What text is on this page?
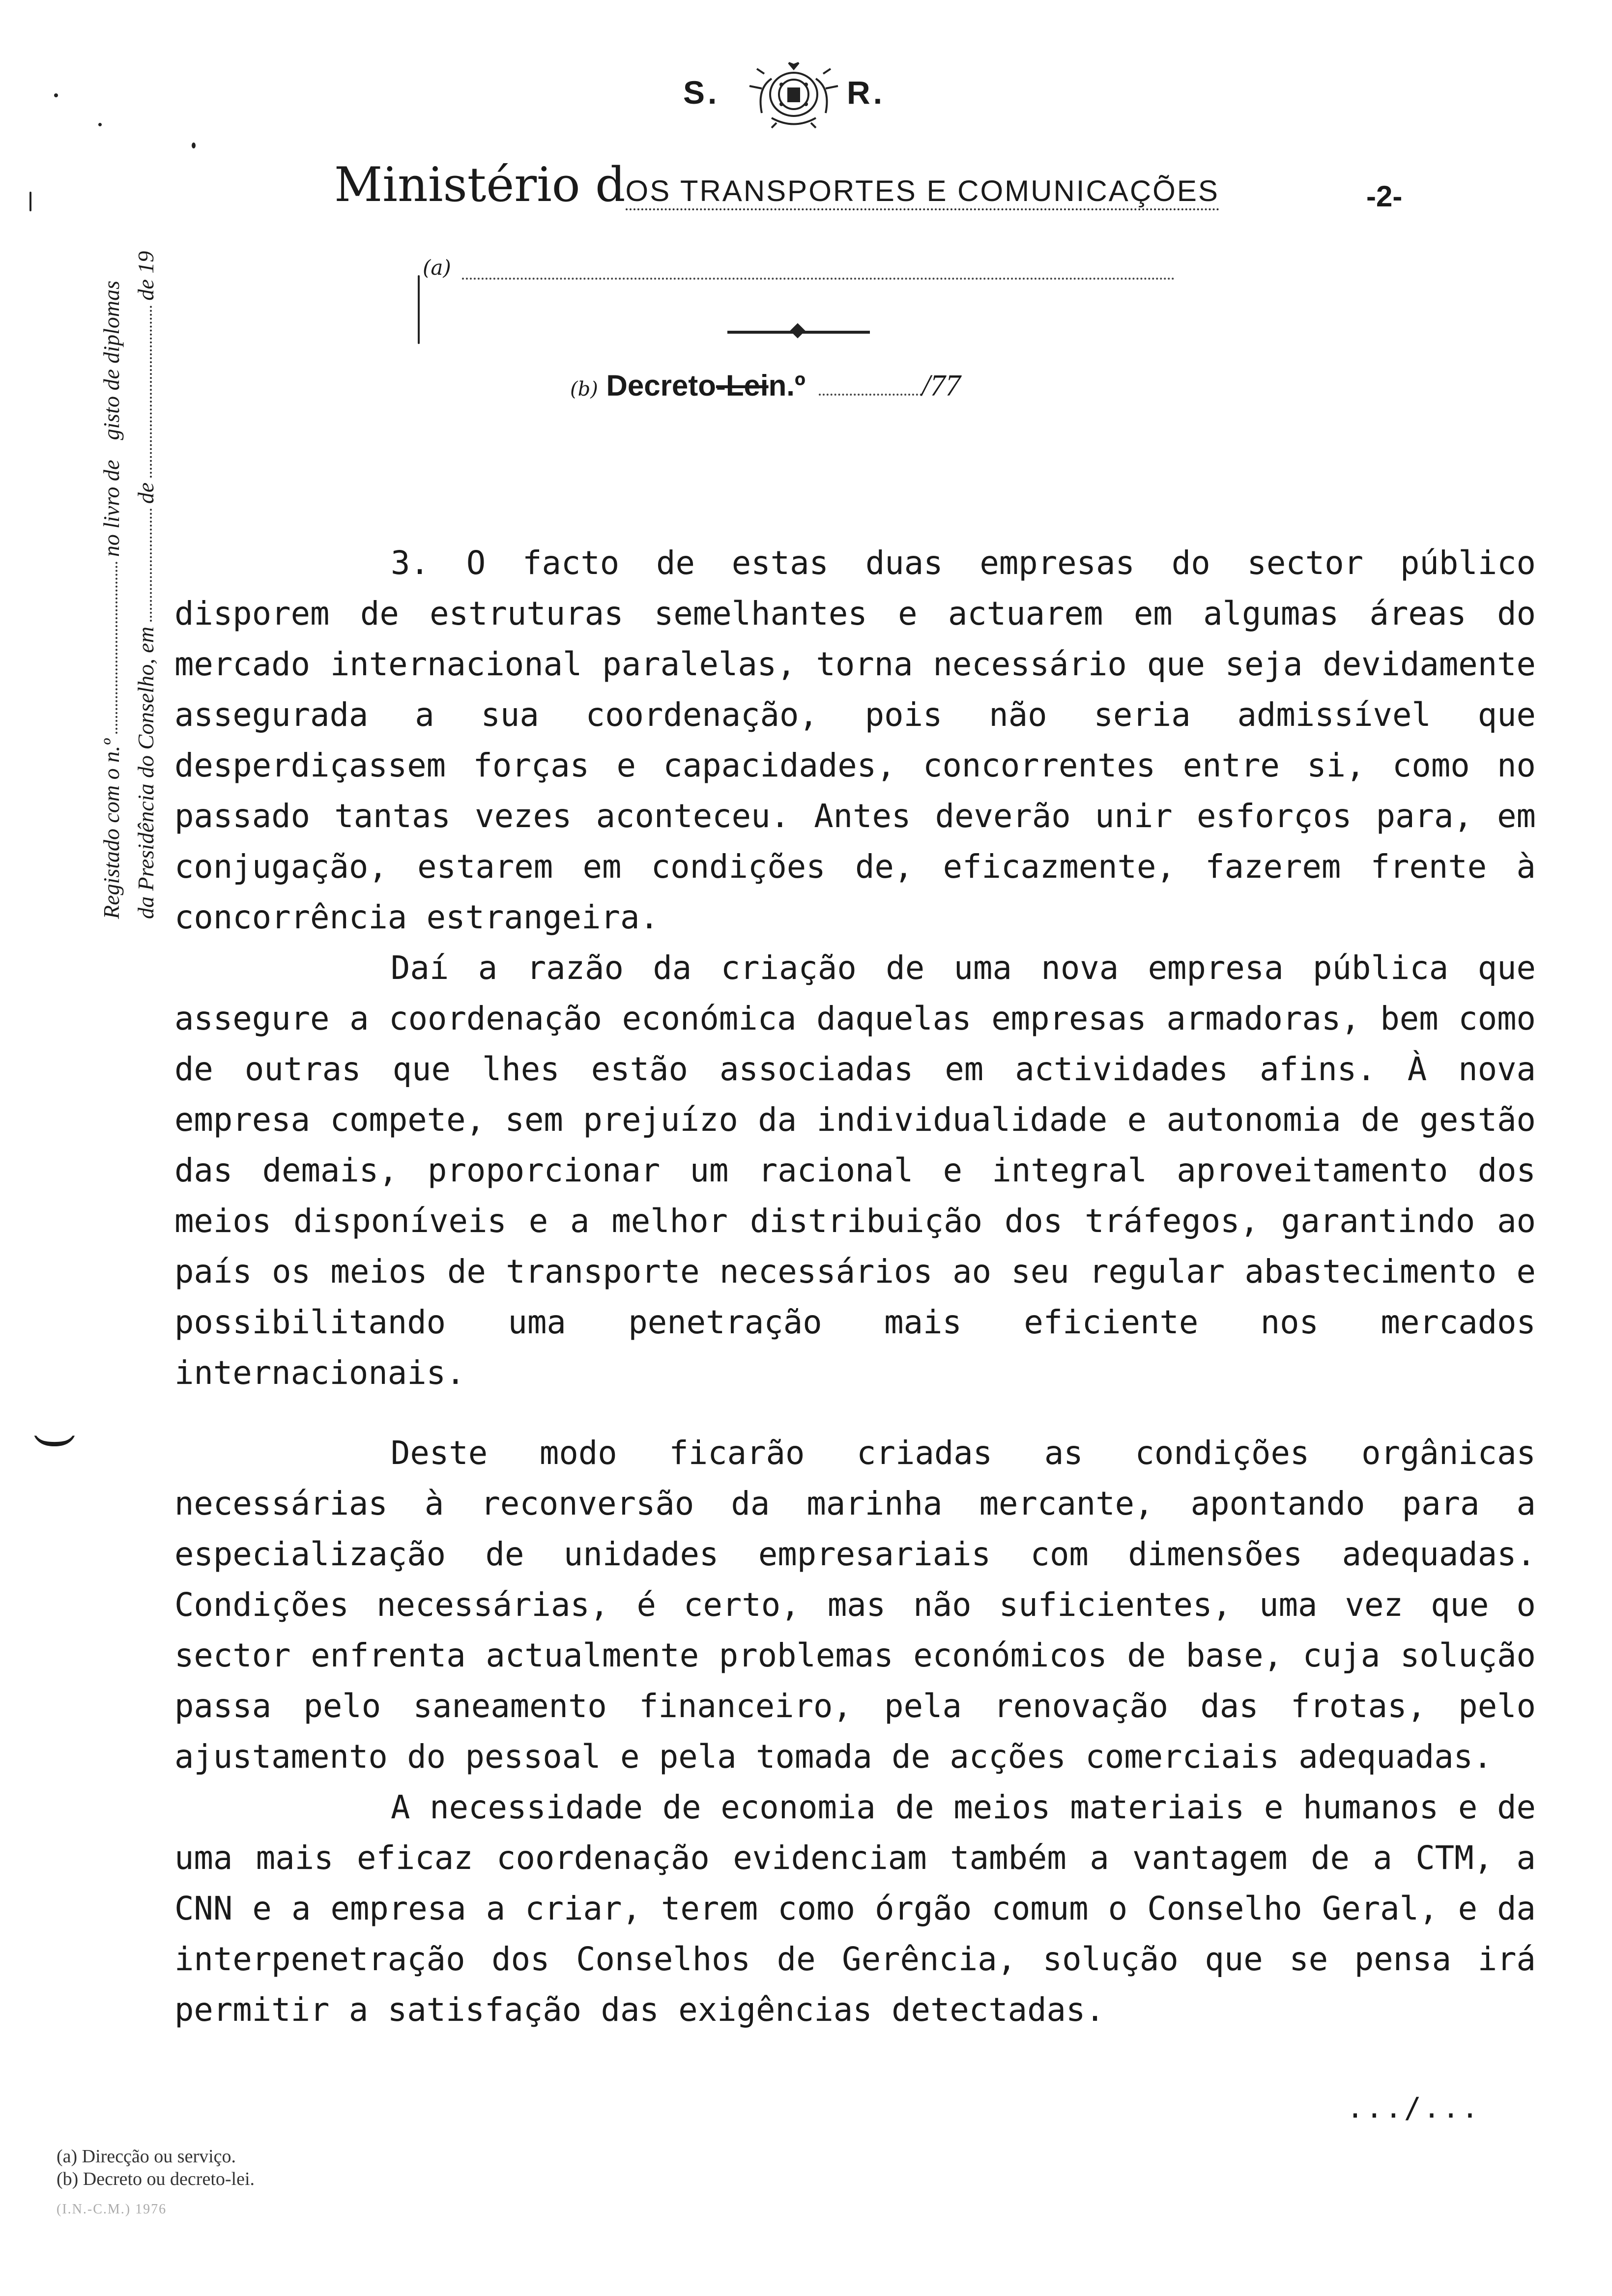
S.	R.
Ministério dOS TRANSPORTES E COMUNICAÇÕES	-2-
(a)
(b) Decreto-Lein.º	/77
(
Registado com o n.º
no livro de
gisto de diplomas
da Presidência do Conselho, em
de
de 19

3. O facto de estas duas empresas do sector público disporem de estruturas semelhantes e actuarem em algumas áreas do mercado internacional paralelas, torna necessário que seja devidamente assegurada a sua coordenação, pois não seria admissível que desperdiçassem forças e capacidades, concorrentes entre si, como no passado tantas vezes aconteceu. Antes deverão unir esforços para, em conjugação, estarem em condições de, eficazmente, fazerem frente à concorrência estrangeira.

Daí a razão da criação de uma nova empresa pública que assegure a coordenação económica daquelas empresas armadoras, bem como de outras que lhes estão associadas em actividades afins. À nova empresa compete, sem prejuízo da individualidade e autonomia de gestão das demais, proporcionar um racional e integral aproveitamento dos meios disponíveis e a melhor distribuição dos tráfegos, garantindo ao país os meios de transporte necessários ao seu regular abastecimento e possibilitando uma penetração mais eficiente nos mercados internacionais.

Deste modo ficarão criadas as condições orgânicas necessárias à reconversão da marinha mercante, apontando para a especialização de unidades empresariais com dimensões adequadas. Condições necessárias, é certo, mas não suficientes, uma vez que o sector enfrenta actualmente problemas económicos de base, cuja solução passa pelo saneamento financeiro, pela renovação das frotas, pelo ajustamento do pessoal e pela tomada de acções comerciais adequadas.

A necessidade de economia de meios materiais e humanos e de uma mais eficaz coordenação evidenciam também a vantagem de a CTM, a CNN e a empresa a criar, terem como órgão comum o Conselho Geral, e da interpenetração dos Conselhos de Gerência, solução que se pensa irá permitir a satisfação das exigências detectadas.

.../...
(a) Direcção ou serviço.
(b) Decreto ou decreto-lei.
(I.N.-C.M.) 1976
